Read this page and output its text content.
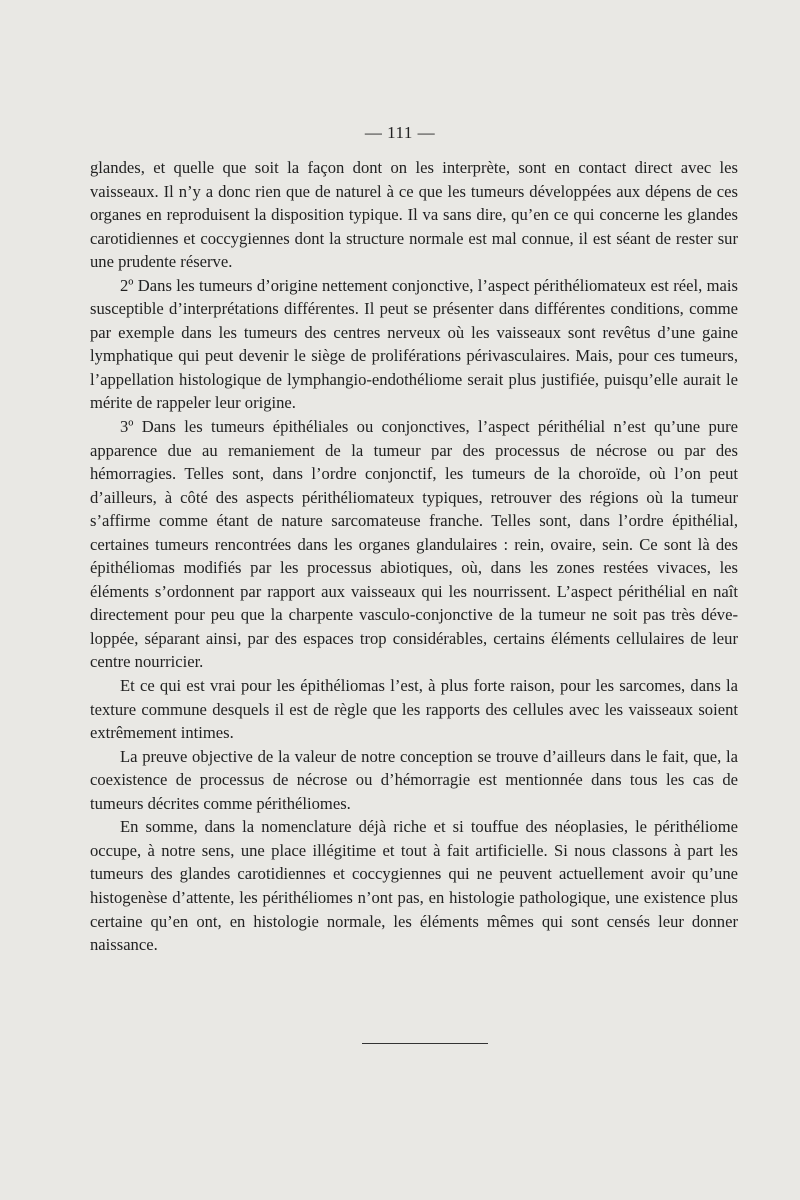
— 111 —

glandes, et quelle que soit la façon dont on les interprète, sont en contact direct avec les vaisseaux. Il n’y a donc rien que de naturel à ce que les tumeurs développées aux dépens de ces organes en reproduisent la disposition typique. Il va sans dire, qu’en ce qui concerne les glandes carotidiennes et coccygiennes dont la structure normale est mal connue, il est séant de rester sur une prudente réserve.

2º Dans les tumeurs d’origine nettement conjonctive, l’aspect périthéliomateux est réel, mais susceptible d’interprétations différentes. Il peut se présenter dans différentes conditions, comme par exemple dans les tumeurs des centres nerveux où les vaisseaux sont revêtus d’une gaine lymphatique qui peut devenir le siège de proliférations périvasculaires. Mais, pour ces tumeurs, l’appellation histologique de lymphangio-endothéliome serait plus justifiée, puisqu’elle aurait le mérite de rappeler leur origine.

3º Dans les tumeurs épithéliales ou conjonctives, l’aspect périthélial n’est qu’une pure apparence due au remaniement de la tumeur par des processus de nécrose ou par des hémorragies. Telles sont, dans l’ordre conjonctif, les tumeurs de la choroïde, où l’on peut d’ailleurs, à côté des aspects périthéliomateux typiques, retrouver des régions où la tumeur s’affirme comme étant de nature sarcomateuse franche. Telles sont, dans l’ordre épithélial, certaines tumeurs rencontrées dans les organes glandulaires : rein, ovaire, sein. Ce sont là des épithéliomas modifiés par les processus abiotiques, où, dans les zones restées vivaces, les éléments s’ordonnent par rapport aux vaisseaux qui les nourrissent. L’aspect périthélial en naît directement pour peu que la charpente vasculo-conjonctive de la tumeur ne soit pas très développée, séparant ainsi, par des espaces trop considérables, certains éléments cellulaires de leur centre nourricier.

Et ce qui est vrai pour les épithéliomas l’est, à plus forte raison, pour les sarcomes, dans la texture commune desquels il est de règle que les rapports des cellules avec les vaisseaux soient extrêmement intimes.

La preuve objective de la valeur de notre conception se trouve d’ailleurs dans le fait, que, la coexistence de processus de nécrose ou d’hémorragie est mentionnée dans tous les cas de tumeurs décrites comme périthéliomes.

En somme, dans la nomenclature déjà riche et si touffue des néoplasies, le périthéliome occupe, à notre sens, une place illégitime et tout à fait artificielle. Si nous classons à part les tumeurs des glandes carotidiennes et coccygiennes qui ne peuvent actuellement avoir qu’une histogenèse d’attente, les périthéliomes n’ont pas, en histologie pathologique, une existence plus certaine qu’en ont, en histologie normale, les éléments mêmes qui sont censés leur donner naissance.
